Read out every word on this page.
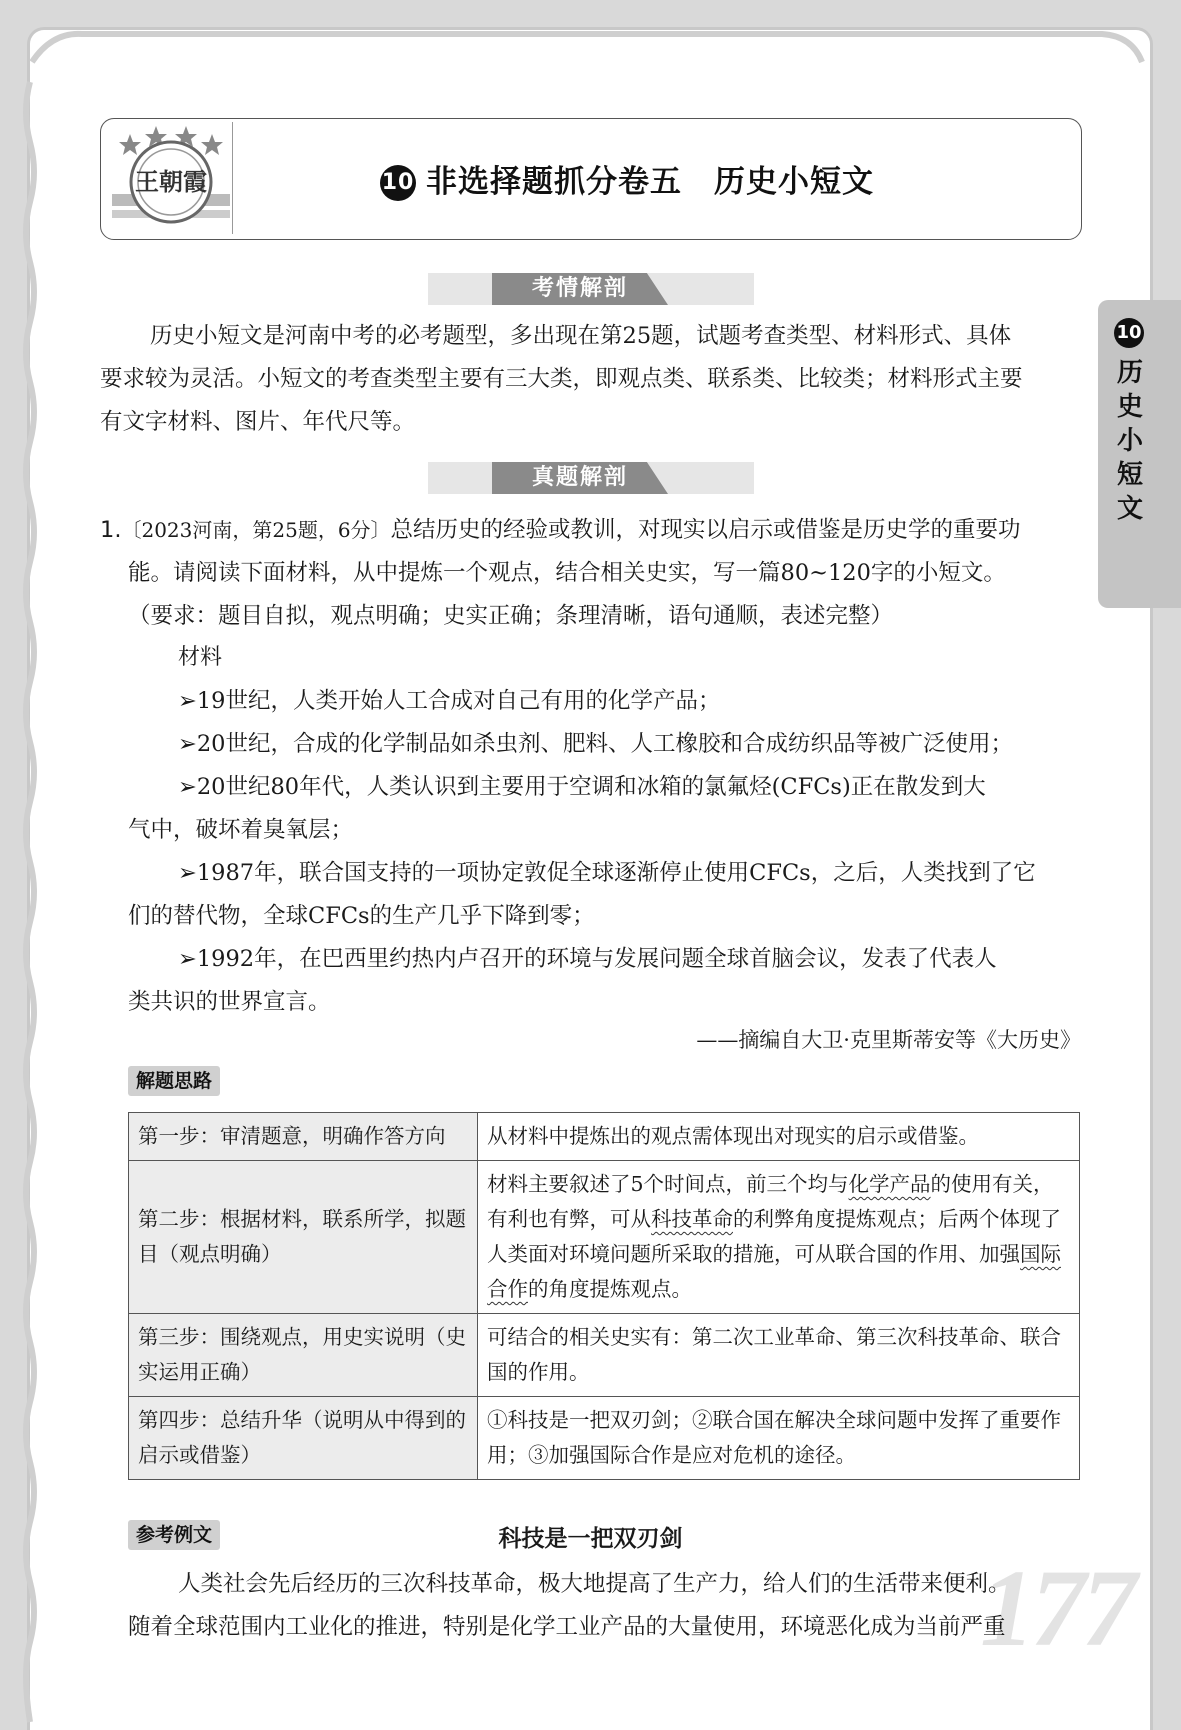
王朝霞	10 非选择题抓分卷五　历史小短文
10
历史小短文
考情解剖
历史小短文是河南中考的必考题型，多出现在第25题，试题考查类型、材料形式、具体
要求较为灵活。小短文的考查类型主要有三大类，即观点类、联系类、比较类；材料形式主要
有文字材料、图片、年代尺等。
真题解剖
1.〔2023河南，第25题，6分〕总结历史的经验或教训，对现实以启示或借鉴是历史学的重要功
能。请阅读下面材料，从中提炼一个观点，结合相关史实，写一篇80~120字的小短文。
（要求：题目自拟，观点明确；史实正确；条理清晰，语句通顺，表述完整）
材料
➢19世纪，人类开始人工合成对自己有用的化学产品；
➢20世纪，合成的化学制品如杀虫剂、肥料、人工橡胶和合成纺织品等被广泛使用；
➢20世纪80年代，人类认识到主要用于空调和冰箱的氯氟烃(CFCs)正在散发到大
气中，破坏着臭氧层；
➢1987年，联合国支持的一项协定敦促全球逐渐停止使用CFCs，之后，人类找到了它
们的替代物，全球CFCs的生产几乎下降到零；
➢1992年，在巴西里约热内卢召开的环境与发展问题全球首脑会议，发表了代表人
类共识的世界宣言。
——摘编自大卫·克里斯蒂安等《大历史》
解题思路
第一步：审清题意，明确作答方向	从材料中提炼出的观点需体现出对现实的启示或借鉴。
第二步：根据材料，联系所学，拟题目（观点明确）	材料主要叙述了5个时间点，前三个均与化学产品的使用有关，有利也有弊，可从科技革命的利弊角度提炼观点；后两个体现了人类面对环境问题所采取的措施，可从联合国的作用、加强国际合作的角度提炼观点。
第三步：围绕观点，用史实说明（史实运用正确）	可结合的相关史实有：第二次工业革命、第三次科技革命、联合国的作用。
第四步：总结升华（说明从中得到的启示或借鉴）	①科技是一把双刃剑；②联合国在解决全球问题中发挥了重要作用；③加强国际合作是应对危机的途径。
参考例文	科技是一把双刃剑
177
人类社会先后经历的三次科技革命，极大地提高了生产力，给人们的生活带来便利。
随着全球范围内工业化的推进，特别是化学工业产品的大量使用，环境恶化成为当前严重
